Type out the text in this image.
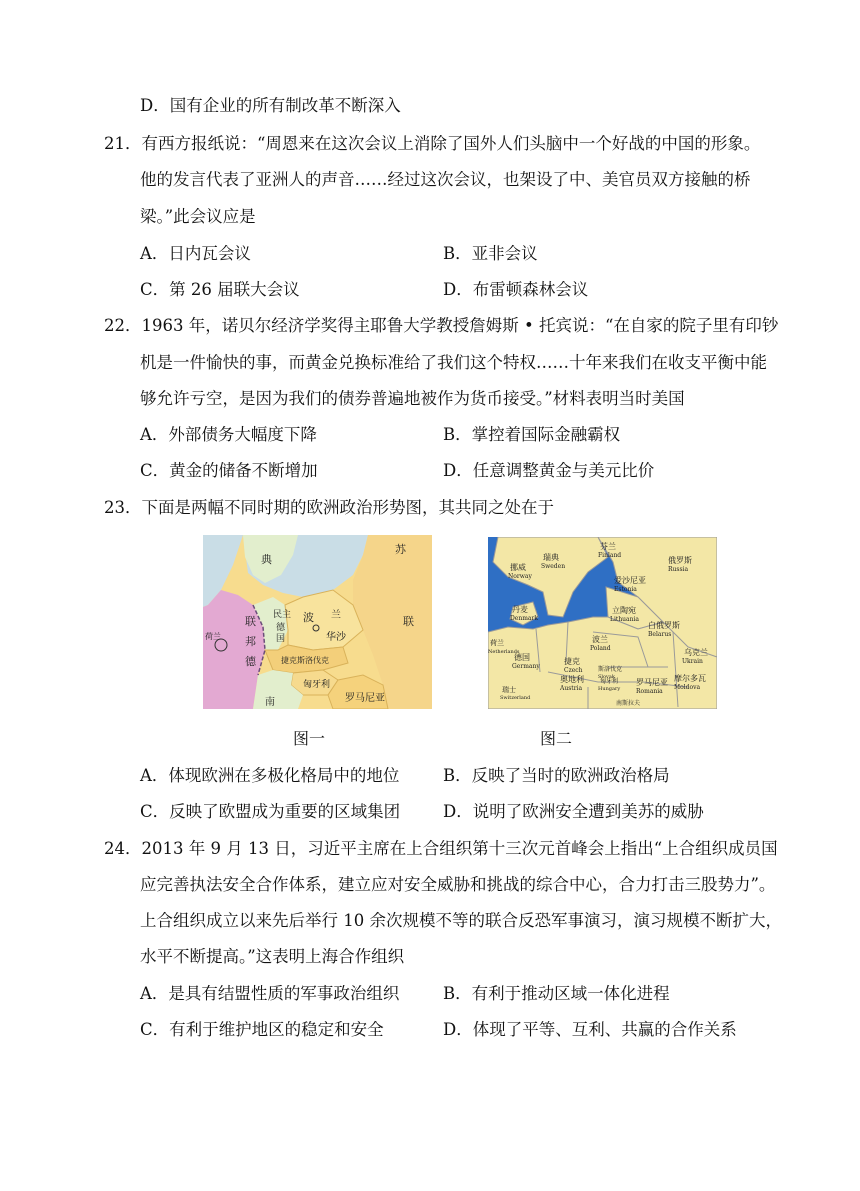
D．国有企业的所有制改革不断深入
21．有西方报纸说：“周恩来在这次会议上消除了国外人们头脑中一个好战的中国的形象。
他的发言代表了亚洲人的声音……经过这次会议，也架设了中、美官员双方接触的桥
梁。”此会议应是
A．日内瓦会议	B．亚非会议
C．第 26 届联大会议	D．布雷顿森林会议
22．1963 年，诺贝尔经济学奖得主耶鲁大学教授詹姆斯 • 托宾说：“在自家的院子里有印钞
机是一件愉快的事，而黄金兑换标准给了我们这个特权……十年来我们在收支平衡中能
够允许亏空，是因为我们的债券普遍地被作为货币接受。”材料表明当时美国
A．外部债务大幅度下降	B．掌控着国际金融霸权
C．黄金的储备不断增加	D．任意调整黄金与美元比价
23．下面是两幅不同时期的欧洲政治形势图，其共同之处在于
典
苏
联
波 兰
华沙
民主
德
国
联
邦
德
荷兰
捷克斯洛伐克
匈牙利
罗马尼亚
南
图一
芬兰
Finland
瑞典
Sweden
挪威
Norway
俄罗斯
Russia
爱沙尼亚
Estonia
丹麦
Denmark
立陶宛
Lithuania
白俄罗斯
Belarus
荷兰
Netherlands
波兰
Poland
德国
Germany
乌克兰
Ukrain
捷克
Czech	斯洛伐克
Slovak
奥地利
Austria
匈牙利
Hungary
罗马尼亚
Romania
摩尔多瓦
Moldova
瑞士
Switzerland
南斯拉夫
图二
A．体现欧洲在多极化格局中的地位	B．反映了当时的欧洲政治格局
C．反映了欧盟成为重要的区域集团	D．说明了欧洲安全遭到美苏的威胁
24．2013 年 9 月 13 日，习近平主席在上合组织第十三次元首峰会上指出“上合组织成员国
应完善执法安全合作体系，建立应对安全威胁和挑战的综合中心，合力打击三股势力”。
上合组织成立以来先后举行 10 余次规模不等的联合反恐军事演习，演习规模不断扩大，
水平不断提高。”这表明上海合作组织
A．是具有结盟性质的军事政治组织	B．有利于推动区域一体化进程
C．有利于维护地区的稳定和安全	D．体现了平等、互利、共赢的合作关系
